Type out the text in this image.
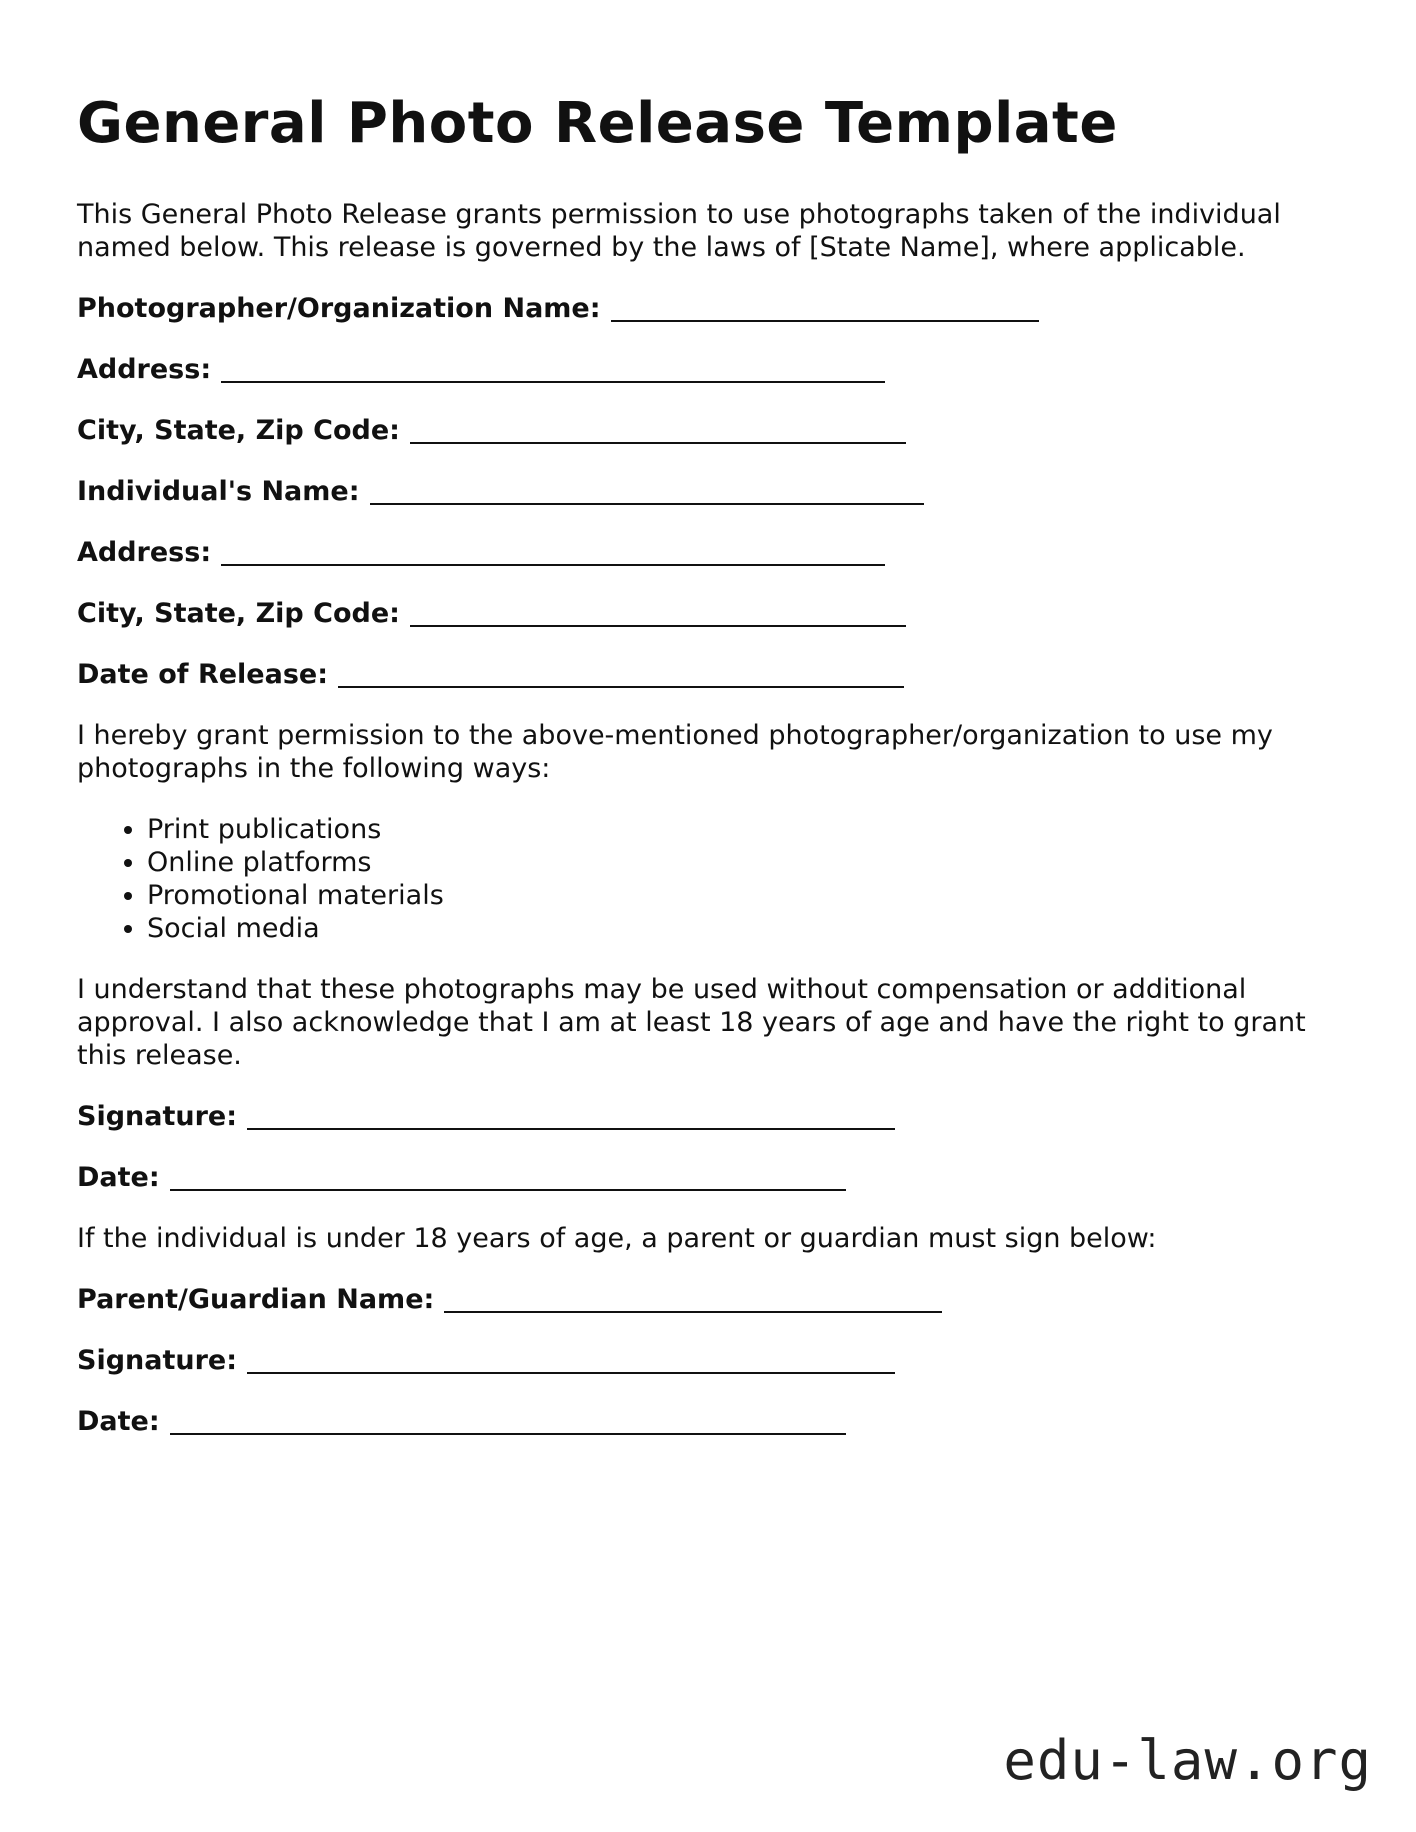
General Photo Release Template
This General Photo Release grants permission to use photographs taken of the individual
named below. This release is governed by the laws of [State Name], where applicable.
Photographer/Organization Name:
Address:
City, State, Zip Code:
Individual's Name:
Address:
City, State, Zip Code:
Date of Release:
I hereby grant permission to the above-mentioned photographer/organization to use my
photographs in the following ways:
• Print publications
• Online platforms
• Promotional materials
• Social media
I understand that these photographs may be used without compensation or additional
approval. I also acknowledge that I am at least 18 years of age and have the right to grant
this release.
Signature:
Date:
If the individual is under 18 years of age, a parent or guardian must sign below:
Parent/Guardian Name:
Signature:
Date:
edu-law.org
